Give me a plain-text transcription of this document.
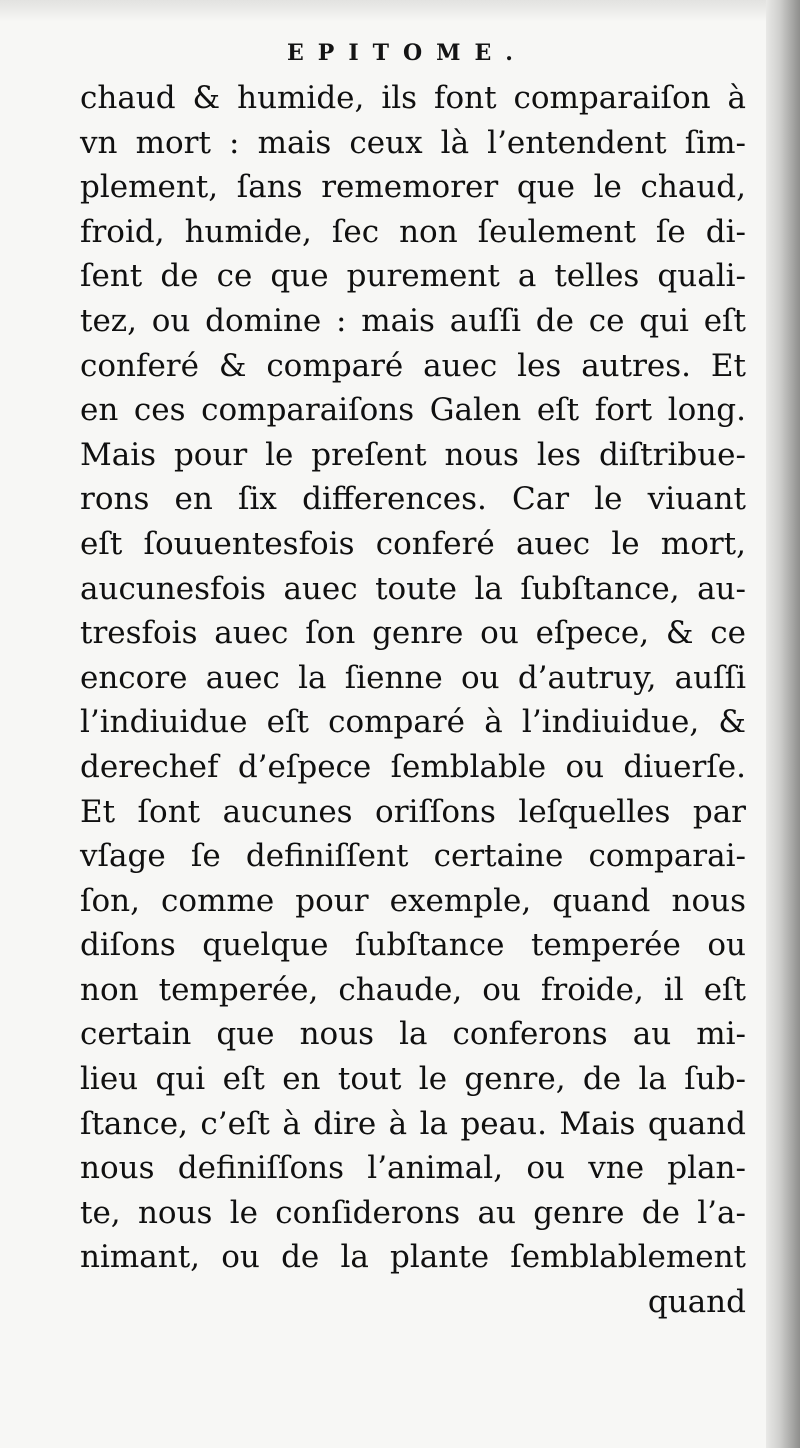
EPITOME.
chaud & humide, ils font comparaiſon à
vn mort : mais ceux là l’entendent ſim-
plement, ſans rememorer que le chaud,
froid, humide, ſec non ſeulement ſe di-
ſent de ce que purement a telles quali-
tez, ou domine : mais auſſi de ce qui eſt
conferé & comparé auec les autres. Et
en ces comparaiſons Galen eſt fort long.
Mais pour le preſent nous les diſtribue-
rons en ſix differences. Car le viuant
eſt ſouuentesfois conferé auec le mort,
aucunesfois auec toute la ſubſtance, au-
tresfois auec ſon genre ou eſpece, & ce
encore auec la ſienne ou d’autruy, auſſi
l’indiuidue eſt comparé à l’indiuidue, &
derechef d’eſpece ſemblable ou diuerſe.
Et ſont aucunes oriſſons leſquelles par
vſage ſe definiſſent certaine comparai-
ſon, comme pour exemple, quand nous
diſons quelque ſubſtance temperée ou
non temperée, chaude, ou froide, il eſt
certain que nous la conferons au mi-
lieu qui eſt en tout le genre, de la ſub-
ſtance, c’eſt à dire à la peau. Mais quand
nous definiſſons l’animal, ou vne plan-
te, nous le conſiderons au genre de l’a-
nimant, ou de la plante ſemblablement
quand
